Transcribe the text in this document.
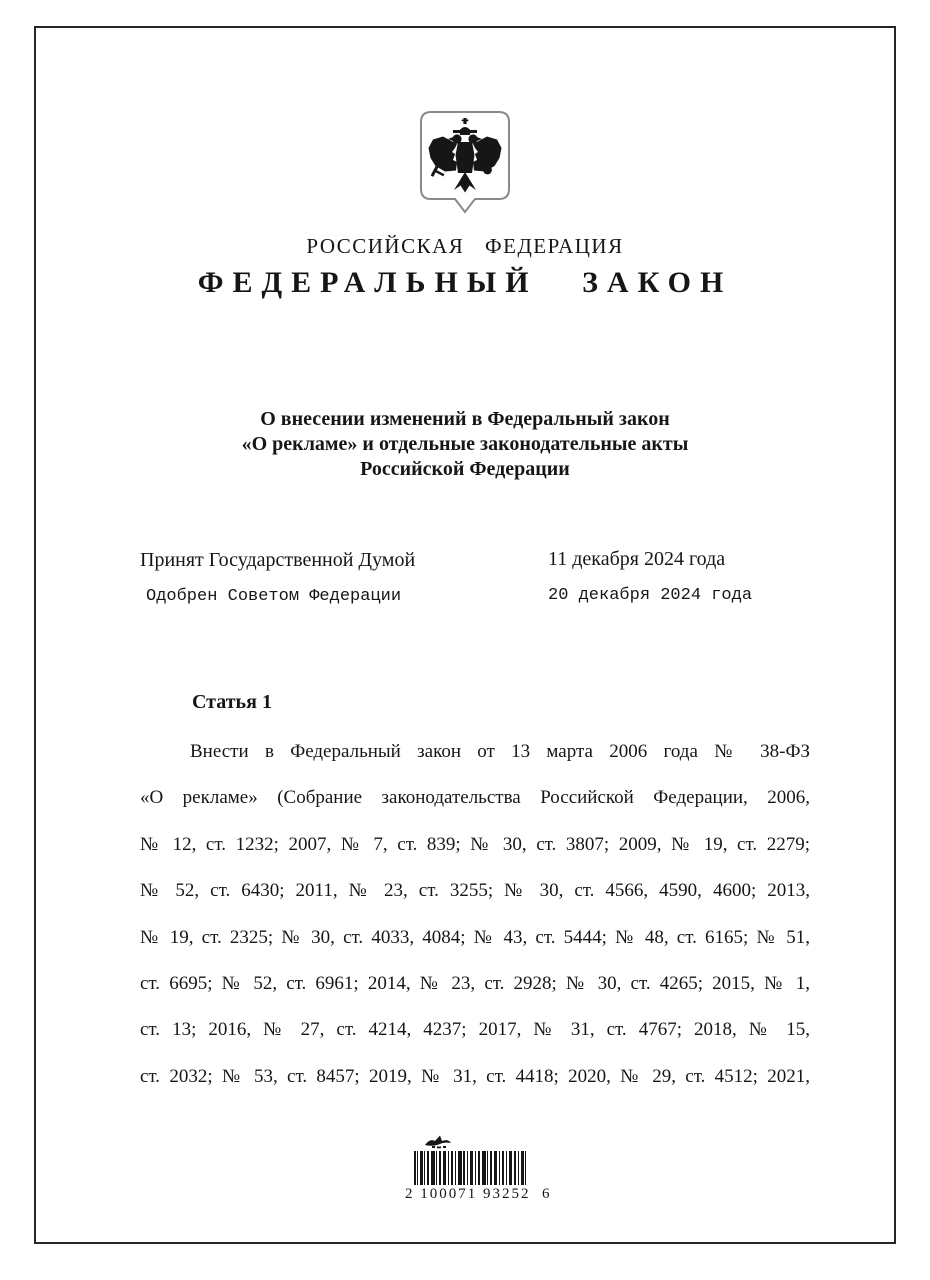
РОССИЙСКАЯ ФЕДЕРАЦИЯ
ФЕДЕРАЛЬНЫЙ ЗАКОН
О внесении изменений в Федеральный закон
«О рекламе» и отдельные законодательные акты
Российской Федерации
Принят Государственной Думой	11 декабря 2024 года
Одобрен Советом Федерации	20 декабря 2024 года
Статья 1
Внести в Федеральный закон от 13 марта 2006 года № 38-ФЗ
«О рекламе» (Собрание законодательства Российской Федерации, 2006,
№ 12, ст. 1232; 2007, № 7, ст. 839; № 30, ст. 3807; 2009, № 19, ст. 2279;
№ 52, ст. 6430; 2011, № 23, ст. 3255; № 30, ст. 4566, 4590, 4600; 2013,
№ 19, ст. 2325; № 30, ст. 4033, 4084; № 43, ст. 5444; № 48, ст. 6165; № 51,
ст. 6695; № 52, ст. 6961; 2014, № 23, ст. 2928; № 30, ст. 4265; 2015, № 1,
ст. 13; 2016, № 27, ст. 4214, 4237; 2017, № 31, ст. 4767; 2018, № 15,
ст. 2032; № 53, ст. 8457; 2019, № 31, ст. 4418; 2020, № 29, ст. 4512; 2021,
2 100071 93252  6
